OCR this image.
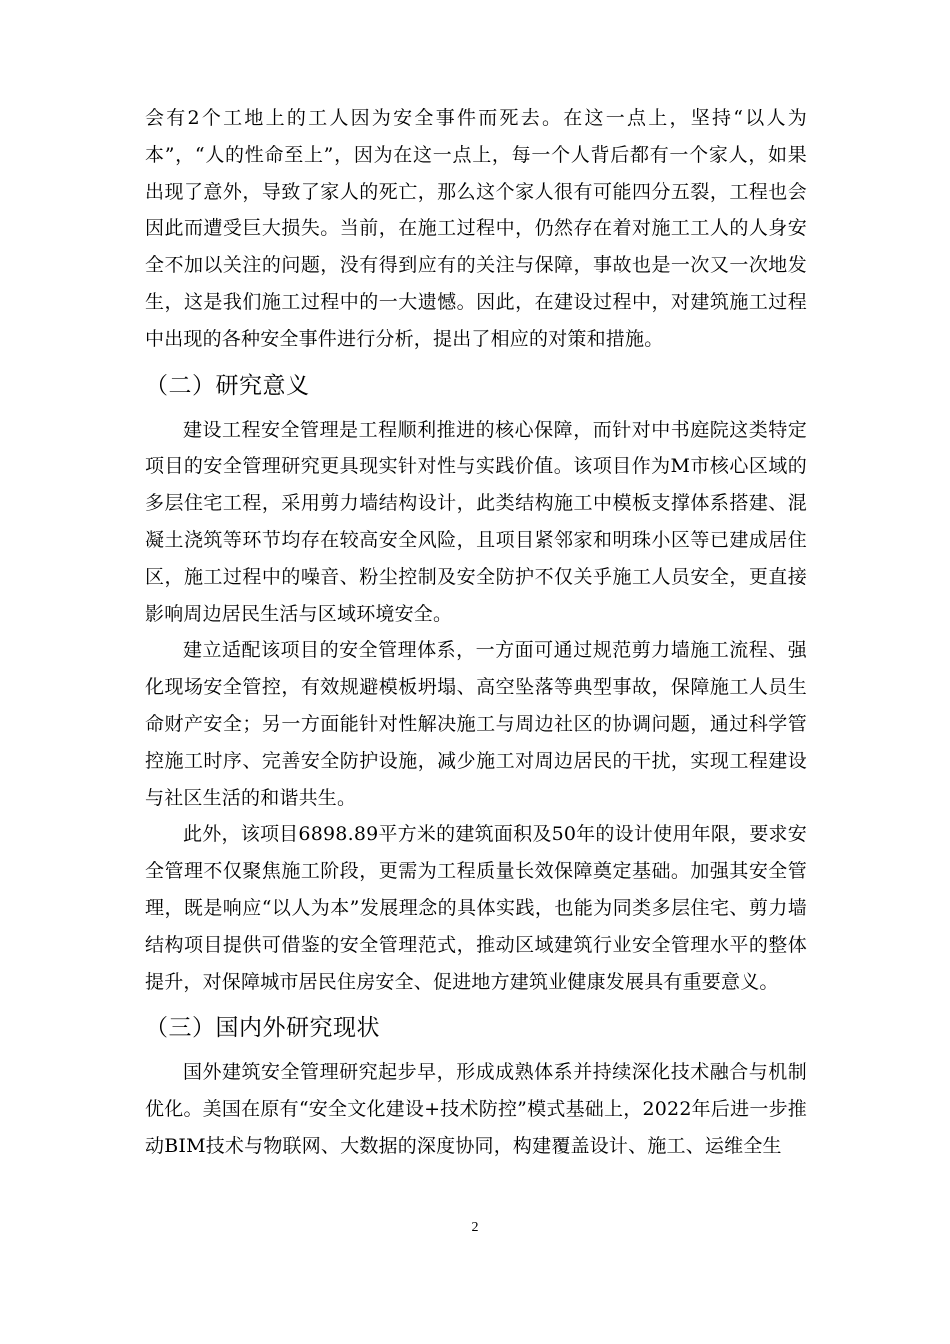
会有2个工地上的工人因为安全事件而死去。在这一点上，坚持“以人为本”，“人的性命至上”，因为在这一点上，每一个人背后都有一个家人，如果出现了意外，导致了家人的死亡，那么这个家人很有可能四分五裂，工程也会因此而遭受巨大损失。当前，在施工过程中，仍然存在着对施工工人的人身安全不加以关注的问题，没有得到应有的关注与保障，事故也是一次又一次地发生，这是我们施工过程中的一大遗憾。因此，在建设过程中，对建筑施工过程中出现的各种安全事件进行分析，提出了相应的对策和措施。

（二）研究意义

建设工程安全管理是工程顺利推进的核心保障，而针对中书庭院这类特定项目的安全管理研究更具现实针对性与实践价值。该项目作为M市核心区域的多层住宅工程，采用剪力墙结构设计，此类结构施工中模板支撑体系搭建、混凝土浇筑等环节均存在较高安全风险，且项目紧邻家和明珠小区等已建成居住区，施工过程中的噪音、粉尘控制及安全防护不仅关乎施工人员安全，更直接影响周边居民生活与区域环境安全。

建立适配该项目的安全管理体系，一方面可通过规范剪力墙施工流程、强化现场安全管控，有效规避模板坍塌、高空坠落等典型事故，保障施工人员生命财产安全；另一方面能针对性解决施工与周边社区的协调问题，通过科学管控施工时序、完善安全防护设施，减少施工对周边居民的干扰，实现工程建设与社区生活的和谐共生。

此外，该项目6898.89平方米的建筑面积及50年的设计使用年限，要求安全管理不仅聚焦施工阶段，更需为工程质量长效保障奠定基础。加强其安全管理，既是响应“以人为本”发展理念的具体实践，也能为同类多层住宅、剪力墙结构项目提供可借鉴的安全管理范式，推动区域建筑行业安全管理水平的整体提升，对保障城市居民住房安全、促进地方建筑业健康发展具有重要意义。

（三）国内外研究现状

国外建筑安全管理研究起步早，形成成熟体系并持续深化技术融合与机制优化。美国在原有“安全文化建设+技术防控”模式基础上，2022年后进一步推动BIM技术与物联网、大数据的深度协同，构建覆盖设计、施工、运维全生

2
